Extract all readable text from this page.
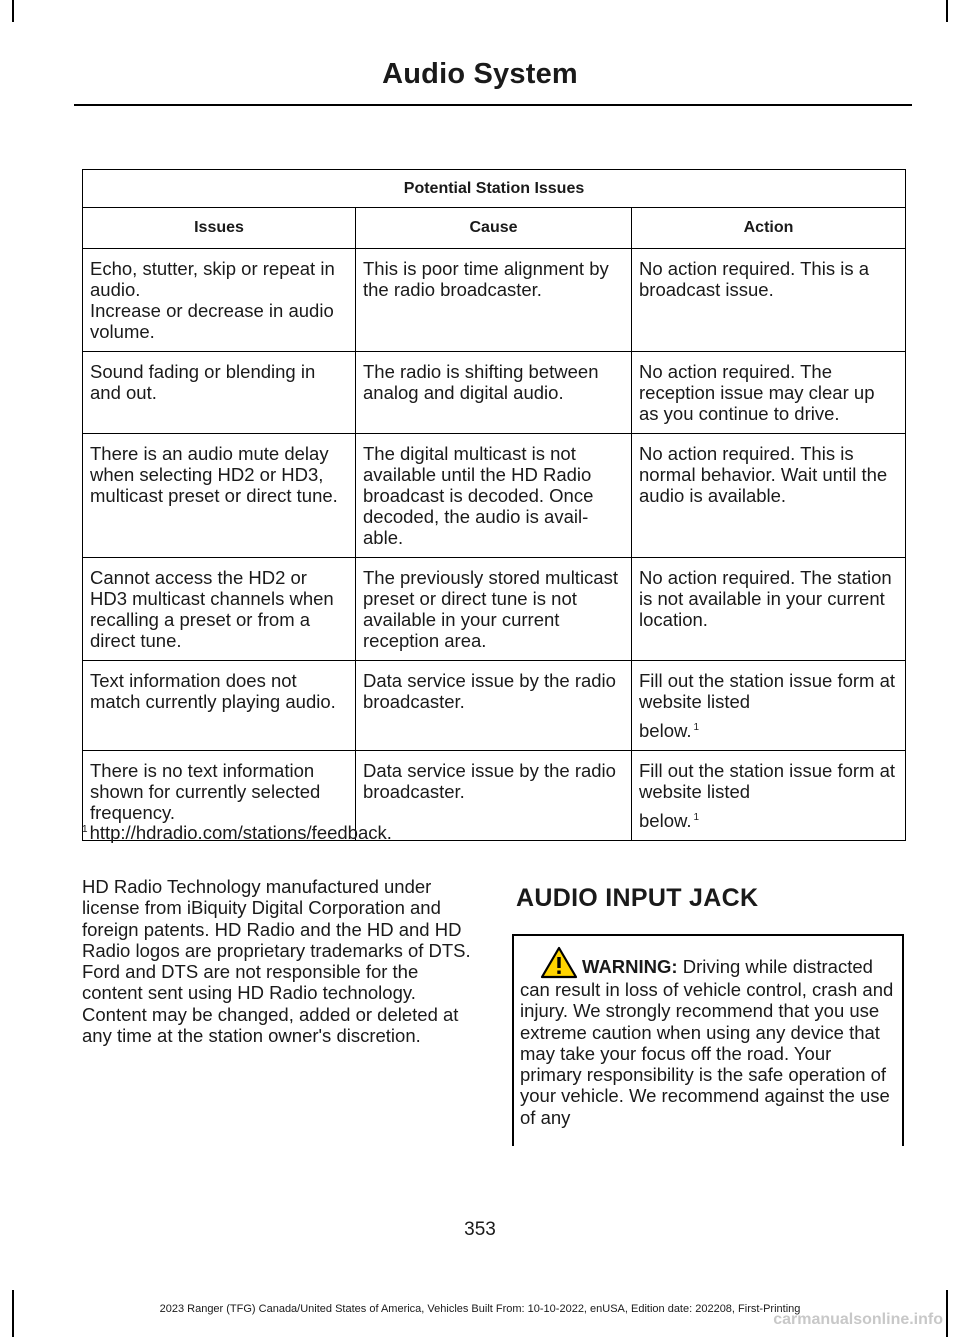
Audio System
Potential Station Issues		
Issues	Cause	Action

Echo, stutter, skip or repeat in audio.
Increase or decrease in audio volume.	This is poor time alignment by the radio broadcaster.	No action required. This is a broadcast issue.
Sound fading or blending in and out.	The radio is shifting between analog and digital audio.	No action required. The reception issue may clear up as you continue to drive.
There is an audio mute delay when selecting HD2 or HD3, multicast preset or direct tune.	The digital multicast is not available until the HD Radio broadcast is decoded. Once decoded, the audio is avail-able.	No action required. This is normal behavior. Wait until the audio is available.
Cannot access the HD2 or HD3 multicast channels when recalling a preset or from a direct tune.	The previously stored multicast preset or direct tune is not available in your current reception area.	No action required. The station is not available in your current location.
Text information does not match currently playing audio.	Data service issue by the radio broadcaster.	Fill out the station issue form at website listed
below. $^1$

There is no text information shown for currently selected frequency.	Data service issue by the radio broadcaster.	Fill out the station issue form at website listed
below. $^1$
$^1$ http://hdradio.com/stations/feedback.
HD Radio Technology manufactured under license from iBiquity Digital Corporation and foreign patents. HD Radio and the HD and HD Radio logos are proprietary trademarks of DTS. Ford and DTS are not responsible for the content sent using HD Radio technology. Content may be changed, added or deleted at any time at the station owner's discretion.
AUDIO INPUT JACK
WARNING: Driving while distracted can result in loss of vehicle control, crash and injury. We strongly recommend that you use extreme caution when using any device that may take your focus off the road. Your primary responsibility is the safe operation of your vehicle. We recommend against the use of any
353
2023 Ranger (TFG) Canada/United States of America, Vehicles Built From: 10-10-2022, enUSA, Edition date: 202208, First-Printing
carmanualsonline.info
